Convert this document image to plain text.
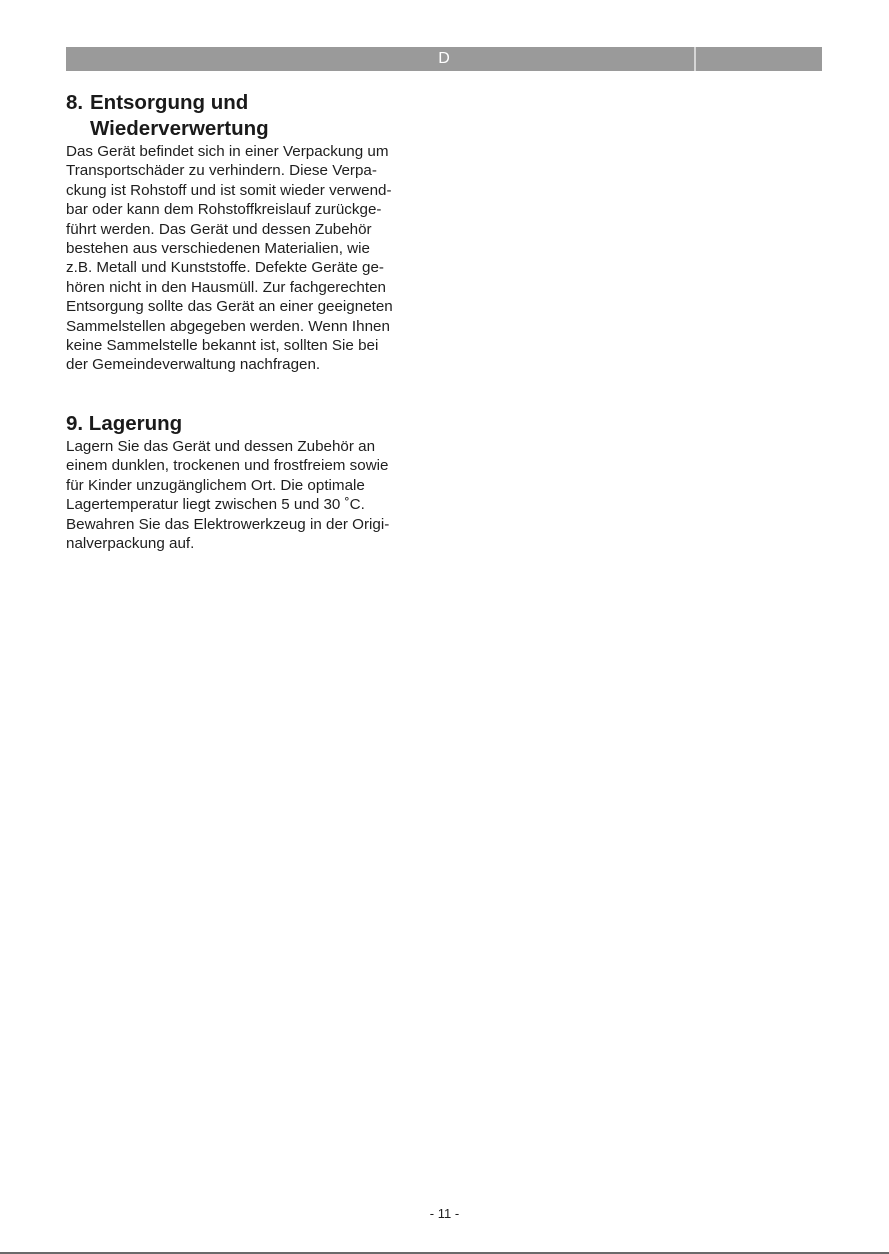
D
8. Entsorgung und
Wiederverwertung

Das Gerät befindet sich in einer Verpackung um
Transportschäder zu verhindern. Diese Verpa-
ckung ist Rohstoff und ist somit wieder verwend-
bar oder kann dem Rohstoffkreislauf zurückge-
führt werden. Das Gerät und dessen Zubehör
bestehen aus verschiedenen Materialien, wie
z.B. Metall und Kunststoffe. Defekte Geräte ge-
hören nicht in den Hausmüll. Zur fachgerechten
Entsorgung sollte das Gerät an einer geeigneten
Sammelstellen abgegeben werden. Wenn Ihnen
keine Sammelstelle bekannt ist, sollten Sie bei
der Gemeindeverwaltung nachfragen.

9. Lagerung

Lagern Sie das Gerät und dessen Zubehör an
einem dunklen, trockenen und frostfreiem sowie
für Kinder unzugänglichem Ort. Die optimale
Lagertemperatur liegt zwischen 5 und 30 ˚C.
Bewahren Sie das Elektrowerkzeug in der Origi-
nalverpackung auf.

- 11 -
